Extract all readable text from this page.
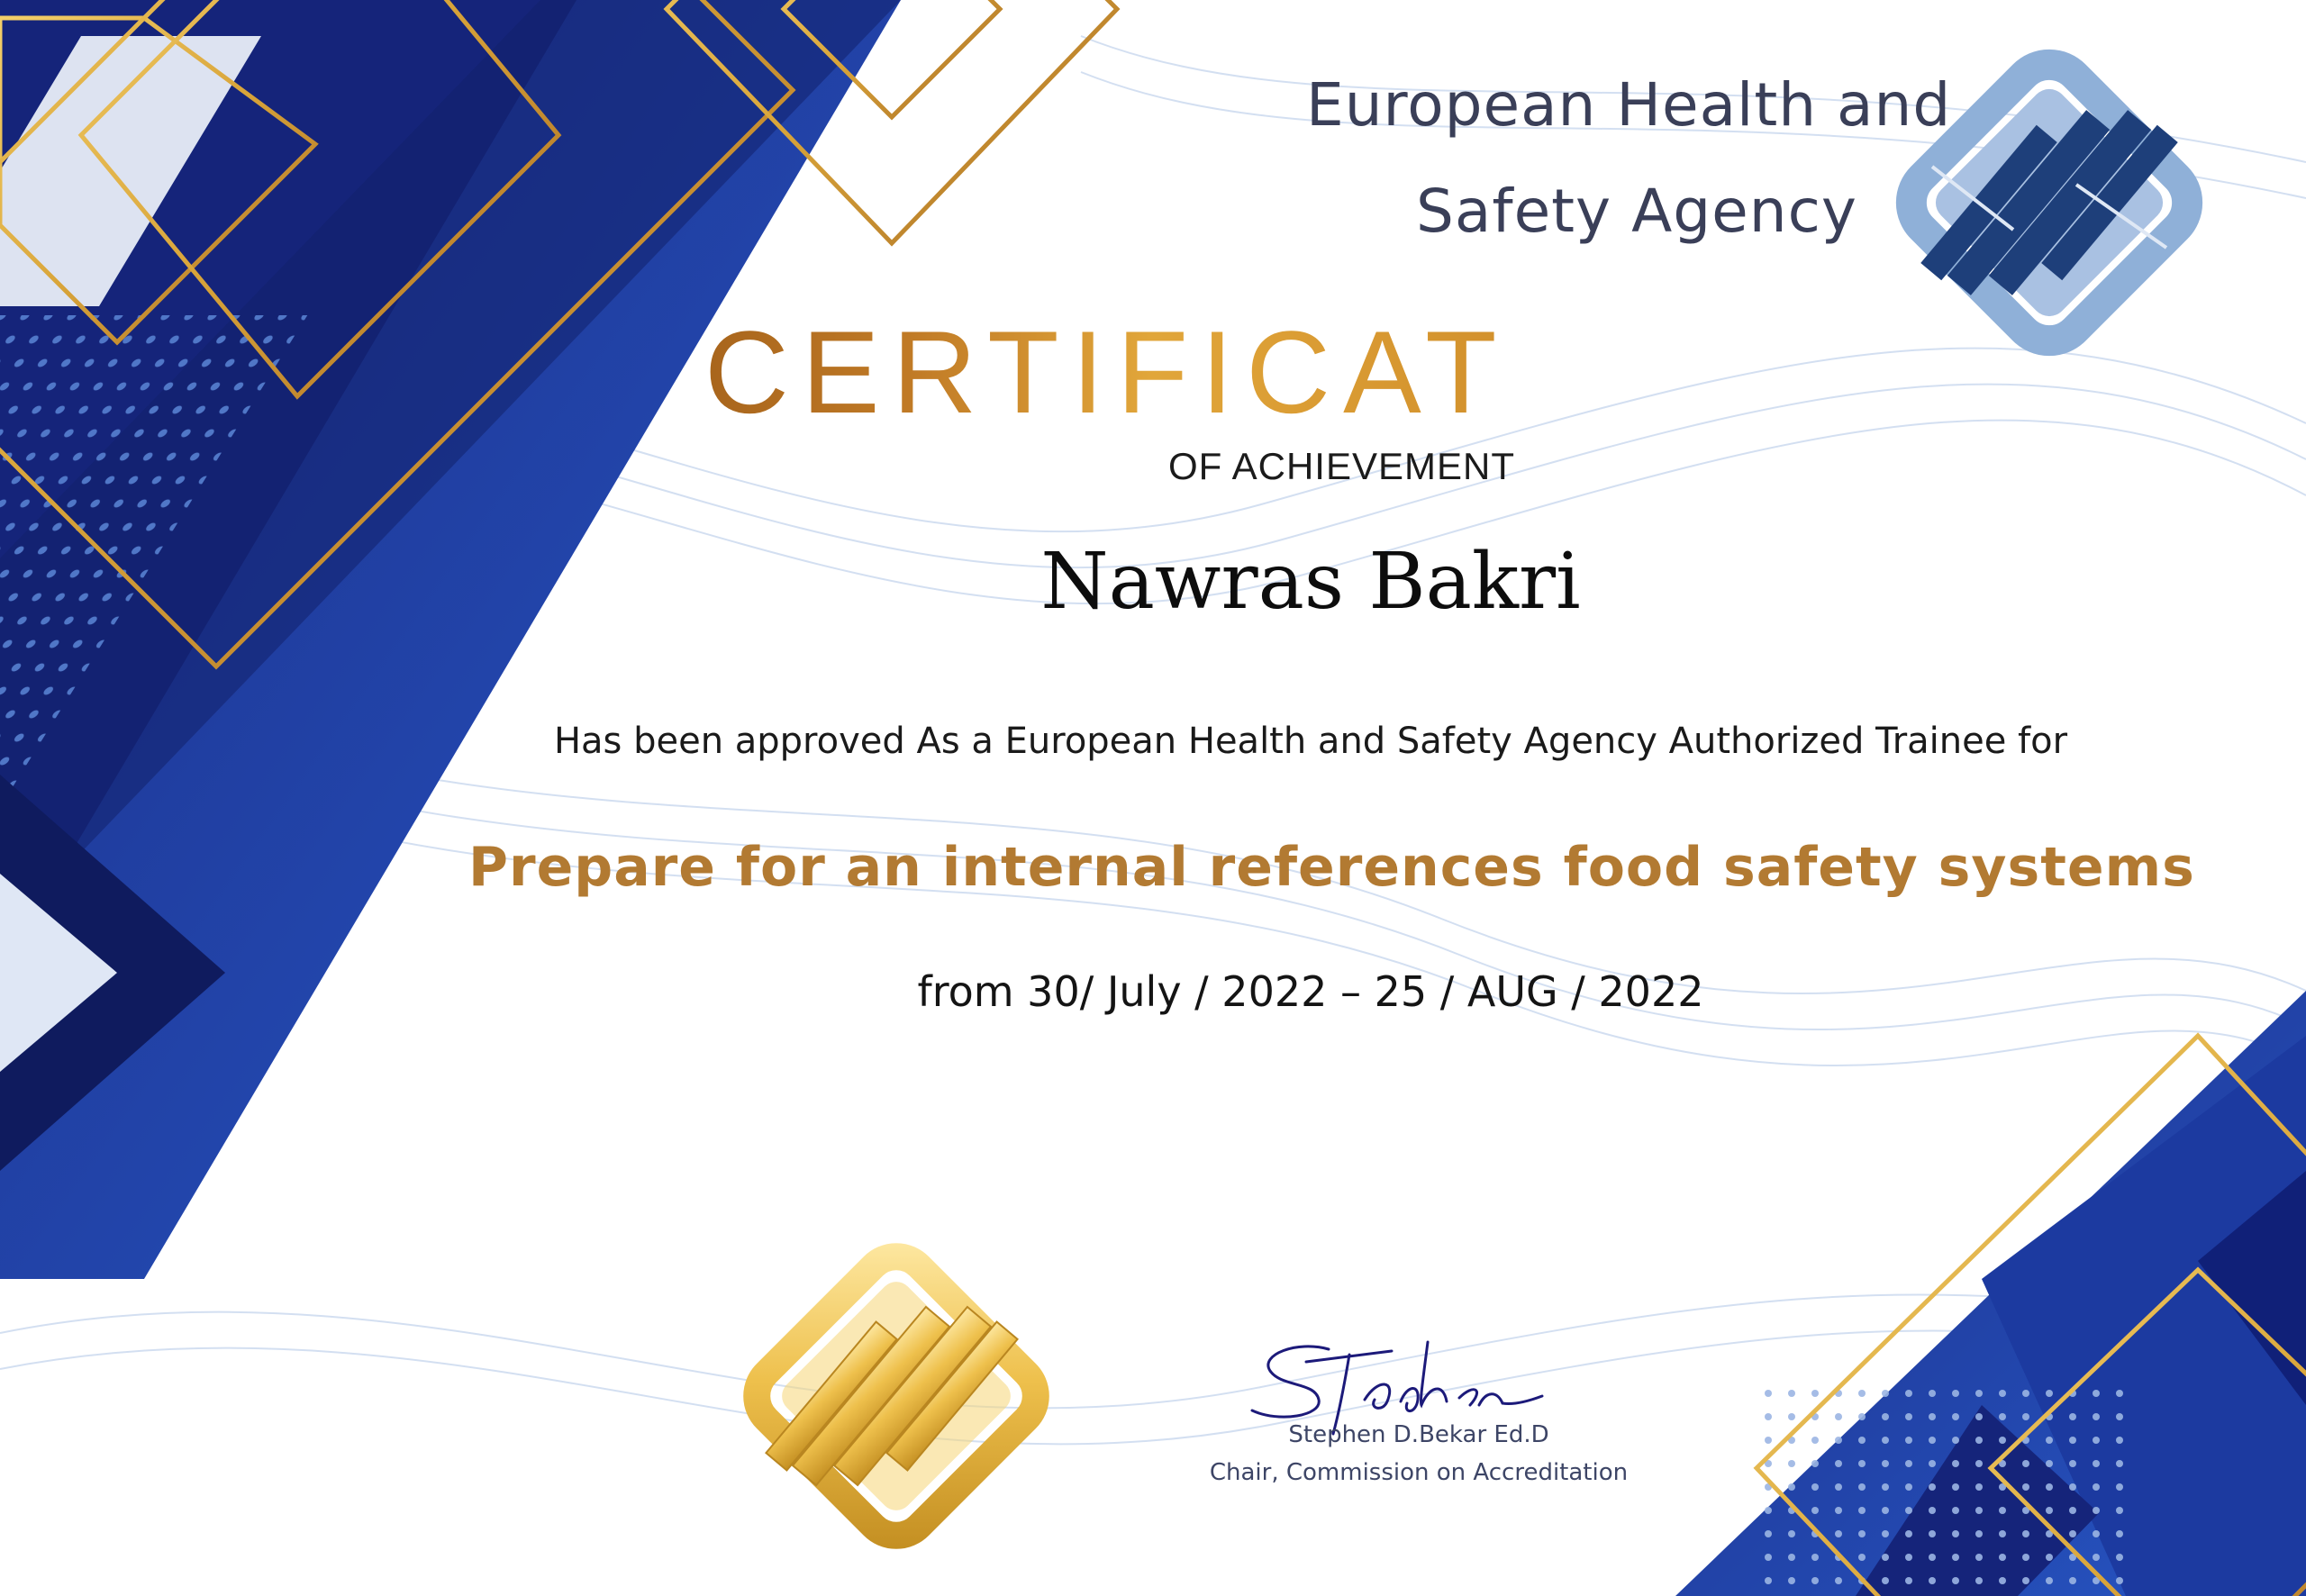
European Health and

Safety Agency

CERTIFICATE

OF ACHIEVEMENT

Nawras Bakri

Has been approved As a European Health and Safety Agency Authorized Trainee for

Prepare for an internal references food safety systems

from 30/ July / 2022 – 25 / AUG / 2022

Stephen D.Bekar Ed.D

Chair, Commission on Accreditation
